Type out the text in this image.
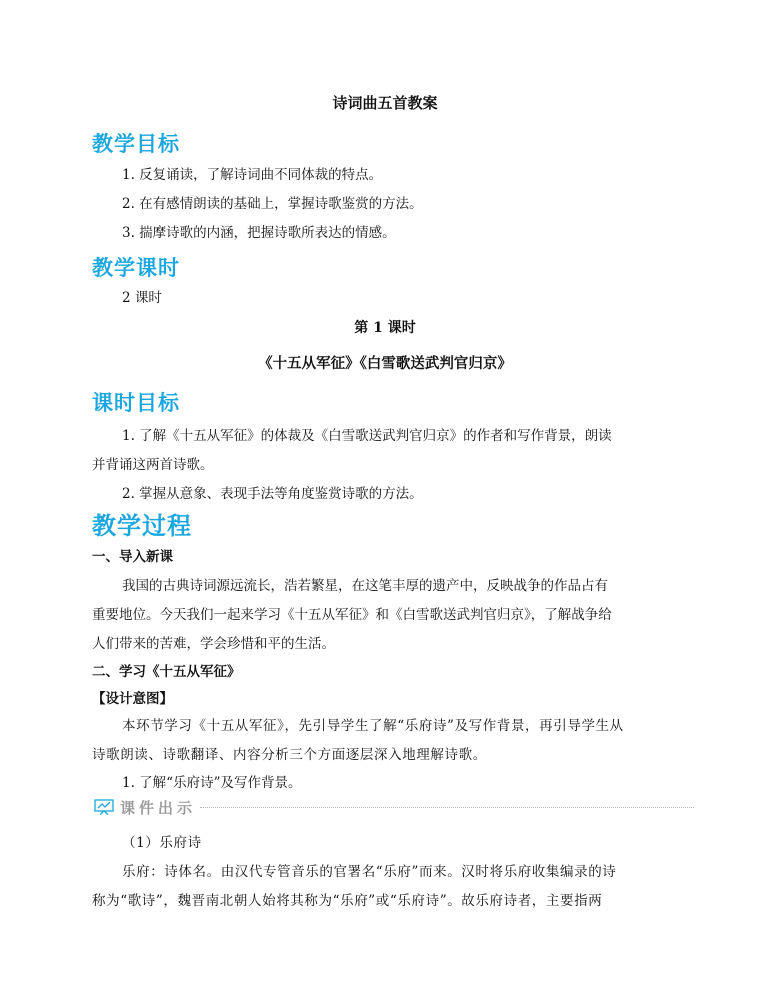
诗词曲五首教案
教学目标
1. 反复诵读，了解诗词曲不同体裁的特点。
2. 在有感情朗读的基础上，掌握诗歌鉴赏的方法。
3. 揣摩诗歌的内涵，把握诗歌所表达的情感。
教学课时
2 课时
第 1 课时
《十五从军征》《白雪歌送武判官归京》
课时目标
1. 了解《十五从军征》的体裁及《白雪歌送武判官归京》的作者和写作背景，朗读
并背诵这两首诗歌。
2. 掌握从意象、表现手法等角度鉴赏诗歌的方法。
教学过程
一、导入新课
我国的古典诗词源远流长，浩若繁星，在这笔丰厚的遗产中，反映战争的作品占有
重要地位。今天我们一起来学习《十五从军征》和《白雪歌送武判官归京》，了解战争给
人们带来的苦难，学会珍惜和平的生活。
二、学习《十五从军征》
【设计意图】
本环节学习《十五从军征》，先引导学生了解“乐府诗”及写作背景，再引导学生从
诗歌朗读、诗歌翻译、内容分析三个方面逐层深入地理解诗歌。
1. 了解“乐府诗”及写作背景。
课件出示
（1）乐府诗
乐府：诗体名。由汉代专管音乐的官署名“乐府”而来。汉时将乐府收集编录的诗
称为“歌诗”，魏晋南北朝人始将其称为“乐府”或“乐府诗”。故乐府诗者，主要指两
